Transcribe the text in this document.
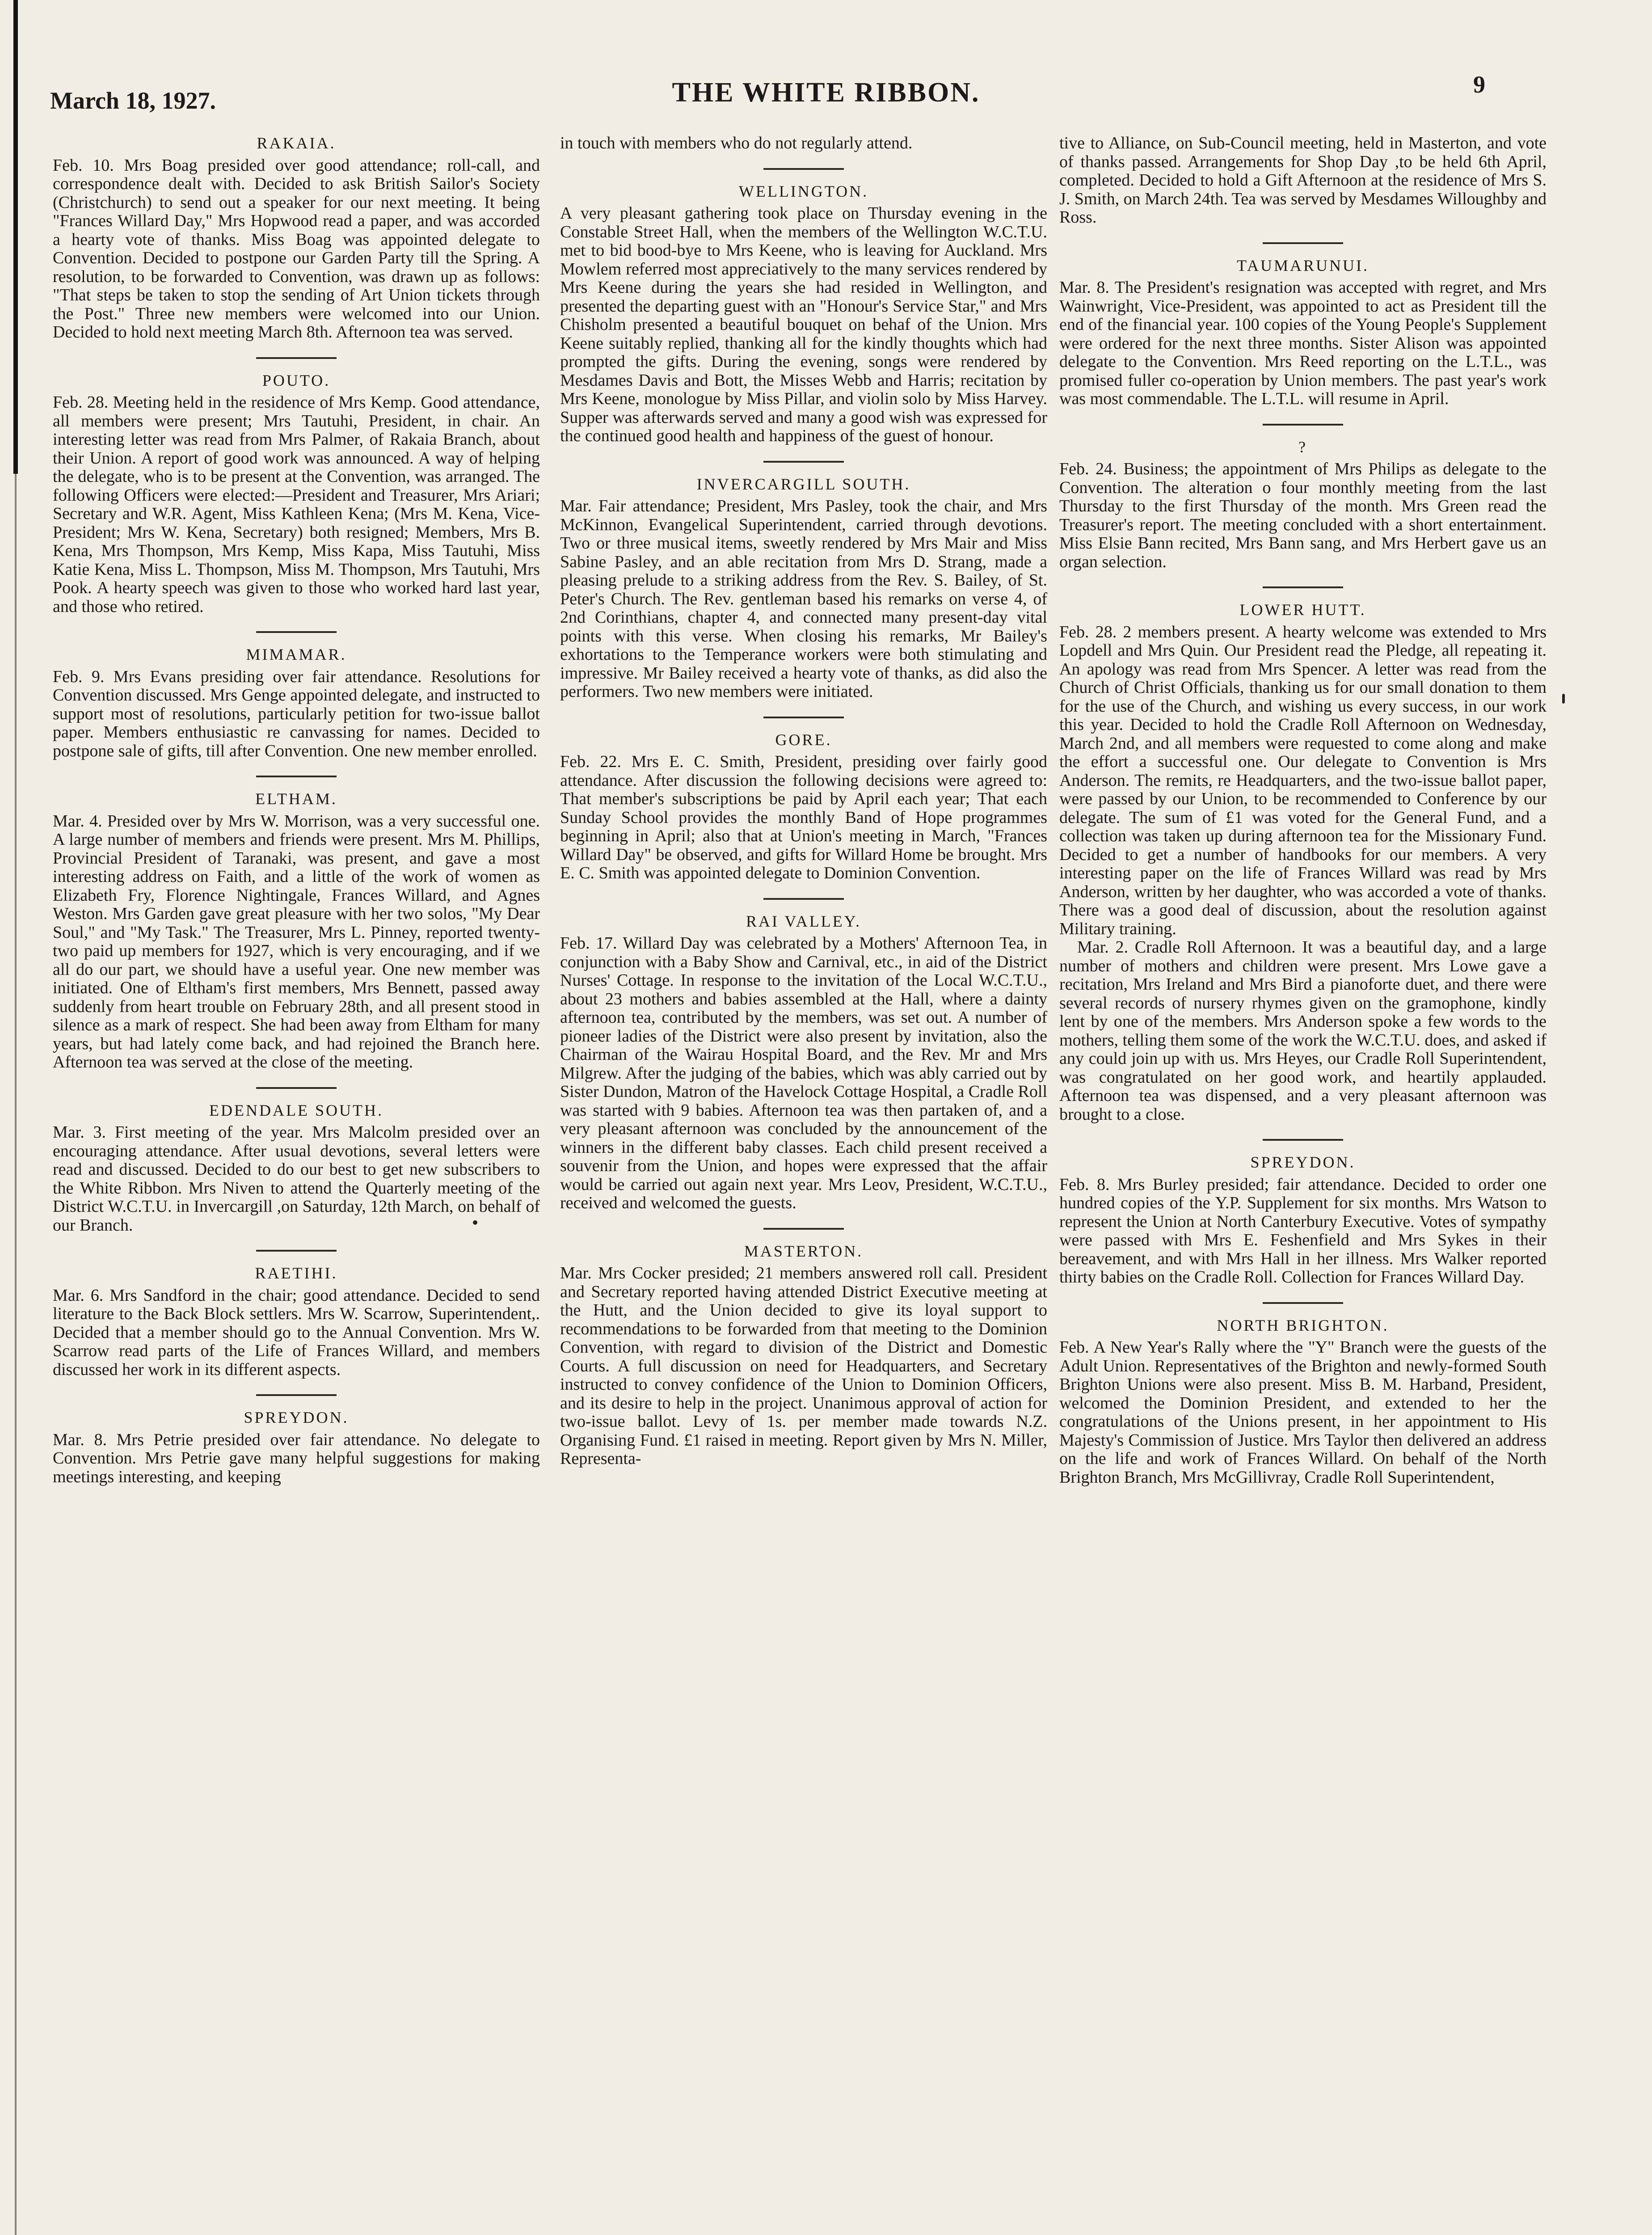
March 18, 1927.	THE WHITE RIBBON.	9
RAKAIA.

Feb. 10. Mrs Boag presided over good attendance; roll-call, and correspondence dealt with. Decided to ask British Sailor's Society (Christchurch) to send out a speaker for our next meeting. It being "Frances Willard Day," Mrs Hopwood read a paper, and was accorded a hearty vote of thanks. Miss Boag was appointed delegate to Convention. Decided to postpone our Garden Party till the Spring. A resolution, to be forwarded to Convention, was drawn up as follows: "That steps be taken to stop the sending of Art Union tickets through the Post." Three new members were welcomed into our Union. Decided to hold next meeting March 8th. Afternoon tea was served.

POUTO.

Feb. 28. Meeting held in the residence of Mrs Kemp. Good attendance, all members were present; Mrs Tautuhi, President, in chair. An interesting letter was read from Mrs Palmer, of Rakaia Branch, about their Union. A report of good work was announced. A way of helping the delegate, who is to be present at the Convention, was arranged. The following Officers were elected:—President and Treasurer, Mrs Ariari; Secretary and W.R. Agent, Miss Kathleen Kena; (Mrs M. Kena, Vice-President; Mrs W. Kena, Secretary) both resigned; Members, Mrs B. Kena, Mrs Thompson, Mrs Kemp, Miss Kapa, Miss Tautuhi, Miss Katie Kena, Miss L. Thompson, Miss M. Thompson, Mrs Tautuhi, Mrs Pook. A hearty speech was given to those who worked hard last year, and those who retired.

MIMAMAR.

Feb. 9. Mrs Evans presiding over fair attendance. Resolutions for Convention discussed. Mrs Genge appointed delegate, and instructed to support most of resolutions, particularly petition for two-issue ballot paper. Members enthusiastic re canvassing for names. Decided to postpone sale of gifts, till after Convention. One new member enrolled.

ELTHAM.

Mar. 4. Presided over by Mrs W. Morrison, was a very successful one. A large number of members and friends were present. Mrs M. Phillips, Provincial President of Taranaki, was present, and gave a most interesting address on Faith, and a little of the work of women as Elizabeth Fry, Florence Nightingale, Frances Willard, and Agnes Weston. Mrs Garden gave great pleasure with her two solos, "My Dear Soul," and "My Task." The Treasurer, Mrs L. Pinney, reported twenty-two paid up members for 1927, which is very encouraging, and if we all do our part, we should have a useful year. One new member was initiated. One of Eltham's first members, Mrs Bennett, passed away suddenly from heart trouble on February 28th, and all present stood in silence as a mark of respect. She had been away from Eltham for many years, but had lately come back, and had rejoined the Branch here. Afternoon tea was served at the close of the meeting.

EDENDALE SOUTH.

Mar. 3. First meeting of the year. Mrs Malcolm presided over an encouraging attendance. After usual devotions, several letters were read and discussed. Decided to do our best to get new subscribers to the White Ribbon. Mrs Niven to attend the Quarterly meeting of the District W.C.T.U. in Invercargill ,on Saturday, 12th March, on behalf of our Branch.

RAETIHI.

Mar. 6. Mrs Sandford in the chair; good attendance. Decided to send literature to the Back Block settlers. Mrs W. Scarrow, Superintendent,. Decided that a member should go to the Annual Convention. Mrs W. Scarrow read parts of the Life of Frances Willard, and members discussed her work in its different aspects.

SPREYDON.

Mar. 8. Mrs Petrie presided over fair attendance. No delegate to Convention. Mrs Petrie gave many helpful suggestions for making meetings interesting, and keeping

in touch with members who do not regularly attend.

WELLINGTON.

A very pleasant gathering took place on Thursday evening in the Constable Street Hall, when the members of the Wellington W.C.T.U. met to bid bood-bye to Mrs Keene, who is leaving for Auckland. Mrs Mowlem referred most appreciatively to the many services rendered by Mrs Keene during the years she had resided in Wellington, and presented the departing guest with an "Honour's Service Star," and Mrs Chisholm presented a beautiful bouquet on behaf of the Union. Mrs Keene suitably replied, thanking all for the kindly thoughts which had prompted the gifts. During the evening, songs were rendered by Mesdames Davis and Bott, the Misses Webb and Harris; recitation by Mrs Keene, monologue by Miss Pillar, and violin solo by Miss Harvey. Supper was afterwards served and many a good wish was expressed for the continued good health and happiness of the guest of honour.

INVERCARGILL SOUTH.

Mar. Fair attendance; President, Mrs Pasley, took the chair, and Mrs McKinnon, Evangelical Superintendent, carried through devotions. Two or three musical items, sweetly rendered by Mrs Mair and Miss Sabine Pasley, and an able recitation from Mrs D. Strang, made a pleasing prelude to a striking address from the Rev. S. Bailey, of St. Peter's Church. The Rev. gentleman based his remarks on verse 4, of 2nd Corinthians, chapter 4, and connected many present-day vital points with this verse. When closing his remarks, Mr Bailey's exhortations to the Temperance workers were both stimulating and impressive. Mr Bailey received a hearty vote of thanks, as did also the performers. Two new members were initiated.

GORE.

Feb. 22. Mrs E. C. Smith, President, presiding over fairly good attendance. After discussion the following decisions were agreed to: That member's subscriptions be paid by April each year; That each Sunday School provides the monthly Band of Hope programmes beginning in April; also that at Union's meeting in March, "Frances Willard Day" be observed, and gifts for Willard Home be brought. Mrs E. C. Smith was appointed delegate to Dominion Convention.

RAI VALLEY.

Feb. 17. Willard Day was celebrated by a Mothers' Afternoon Tea, in conjunction with a Baby Show and Carnival, etc., in aid of the District Nurses' Cottage. In response to the invitation of the Local W.C.T.U., about 23 mothers and babies assembled at the Hall, where a dainty afternoon tea, contributed by the members, was set out. A number of pioneer ladies of the District were also present by invitation, also the Chairman of the Wairau Hospital Board, and the Rev. Mr and Mrs Milgrew. After the judging of the babies, which was ably carried out by Sister Dundon, Matron of the Havelock Cottage Hospital, a Cradle Roll was started with 9 babies. Afternoon tea was then partaken of, and a very pleasant afternoon was concluded by the announcement of the winners in the different baby classes. Each child present received a souvenir from the Union, and hopes were expressed that the affair would be carried out again next year. Mrs Leov, President, W.C.T.U., received and welcomed the guests.

MASTERTON.

Mar. Mrs Cocker presided; 21 members answered roll call. President and Secretary reported having attended District Executive meeting at the Hutt, and the Union decided to give its loyal support to recommendations to be forwarded from that meeting to the Dominion Convention, with regard to division of the District and Domestic Courts. A full discussion on need for Headquarters, and Secretary instructed to convey confidence of the Union to Dominion Officers, and its desire to help in the project. Unanimous approval of action for two-issue ballot. Levy of 1s. per member made towards N.Z. Organising Fund. £1 raised in meeting. Report given by Mrs N. Miller, Representa-

tive to Alliance, on Sub-Council meeting, held in Masterton, and vote of thanks passed. Arrangements for Shop Day ,to be held 6th April, completed. Decided to hold a Gift Afternoon at the residence of Mrs S. J. Smith, on March 24th. Tea was served by Mesdames Willoughby and Ross.

TAUMARUNUI.

Mar. 8. The President's resignation was accepted with regret, and Mrs Wainwright, Vice-President, was appointed to act as President till the end of the financial year. 100 copies of the Young People's Supplement were ordered for the next three months. Sister Alison was appointed delegate to the Convention. Mrs Reed reporting on the L.T.L., was promised fuller co-operation by Union members. The past year's work was most commendable. The L.T.L. will resume in April.

?

Feb. 24. Business; the appointment of Mrs Philips as delegate to the Convention. The alteration o four monthly meeting from the last Thursday to the first Thursday of the month. Mrs Green read the Treasurer's report. The meeting concluded with a short entertainment. Miss Elsie Bann recited, Mrs Bann sang, and Mrs Herbert gave us an organ selection.

LOWER HUTT.

Feb. 28. 2 members present. A hearty welcome was extended to Mrs Lopdell and Mrs Quin. Our President read the Pledge, all repeating it. An apology was read from Mrs Spencer. A letter was read from the Church of Christ Officials, thanking us for our small donation to them for the use of the Church, and wishing us every success, in our work this year. Decided to hold the Cradle Roll Afternoon on Wednesday, March 2nd, and all members were requested to come along and make the effort a successful one. Our delegate to Convention is Mrs Anderson. The remits, re Headquarters, and the two-issue ballot paper, were passed by our Union, to be recommended to Conference by our delegate. The sum of £1 was voted for the General Fund, and a collection was taken up during afternoon tea for the Missionary Fund. Decided to get a number of handbooks for our members. A very interesting paper on the life of Frances Willard was read by Mrs Anderson, written by her daughter, who was accorded a vote of thanks. There was a good deal of discussion, about the resolution against Military training.

Mar. 2. Cradle Roll Afternoon. It was a beautiful day, and a large number of mothers and children were present. Mrs Lowe gave a recitation, Mrs Ireland and Mrs Bird a pianoforte duet, and there were several records of nursery rhymes given on the gramophone, kindly lent by one of the members. Mrs Anderson spoke a few words to the mothers, telling them some of the work the W.C.T.U. does, and asked if any could join up with us. Mrs Heyes, our Cradle Roll Superintendent, was congratulated on her good work, and heartily applauded. Afternoon tea was dispensed, and a very pleasant afternoon was brought to a close.

SPREYDON.

Feb. 8. Mrs Burley presided; fair attendance. Decided to order one hundred copies of the Y.P. Supplement for six months. Mrs Watson to represent the Union at North Canterbury Executive. Votes of sympathy were passed with Mrs E. Feshenfield and Mrs Sykes in their bereavement, and with Mrs Hall in her illness. Mrs Walker reported thirty babies on the Cradle Roll. Collection for Frances Willard Day.

NORTH BRIGHTON.

Feb. A New Year's Rally where the "Y" Branch were the guests of the Adult Union. Representatives of the Brighton and newly-formed South Brighton Unions were also present. Miss B. M. Harband, President, welcomed the Dominion President, and extended to her the congratulations of the Unions present, in her appointment to His Majesty's Commission of Justice. Mrs Taylor then delivered an address on the life and work of Frances Willard. On behalf of the North Brighton Branch, Mrs McGillivray, Cradle Roll Superintendent,
